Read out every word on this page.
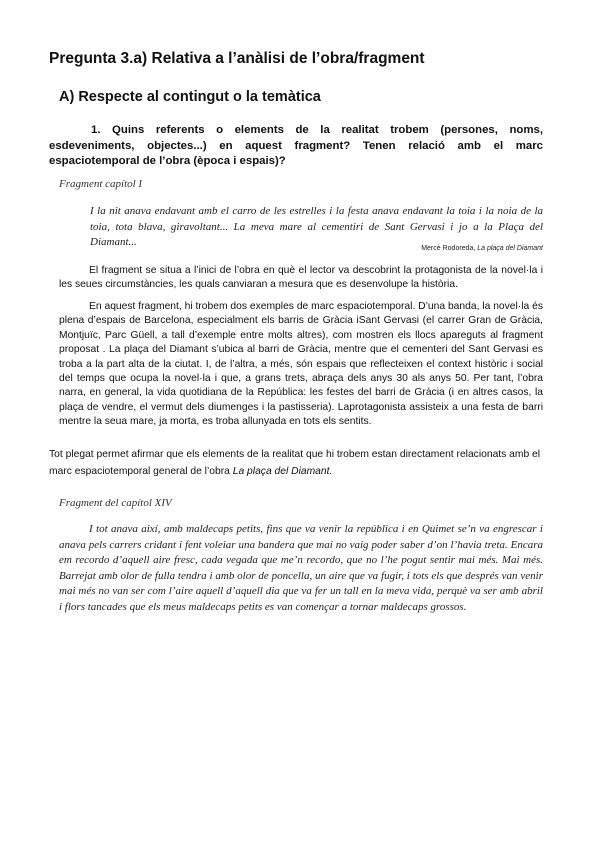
Pregunta 3.a) Relativa a l’anàlisi de l’obra/fragment
A) Respecte al contingut o la temàtica
1. Quins referents o elements de la realitat trobem (persones, noms, esdeveniments, objectes...) en aquest fragment? Tenen relació amb el marc espaciotemporal de l’obra (època i espais)?
Fragment capítol I
I la nit anava endavant amb el carro de les estrelles i la festa anava endavant la toia i la noia de la toia, tota blava, giravoltant... La meva mare al cementiri de Sant Gervasi i jo a la Plaça del Diamant...
Mercè Rodoreda, La plaça del Diamant
El fragment se situa a l’inici de l’obra en què el lector va descobrint la protagonista de la novel·la i les seues circumstàncies, les quals canviaran a mesura que es desenvolupe la història.
En aquest fragment, hi trobem dos exemples de marc espaciotemporal. D’una banda, la novel·la és plena d’espais de Barcelona, especialment els barris de Gràcia iSant Gervasi (el carrer Gran de Gràcia, Montjuïc, Parc Güell, a tall d’exemple entre molts altres), com mostren els llocs apareguts al fragment proposat . La plaça del Diamant s’ubica al barri de Gràcia, mentre que el cementeri del Sant Gervasi es troba a la part alta de la ciutat. I, de l’altra, a més, són espais que reflecteixen el context històric i social del temps que ocupa la novel·la i que, a grans trets, abraça dels anys 30 als anys 50. Per tant, l’obra narra, en general, la vida quotidiana de la República: les festes del barri de Gràcia (i en altres casos, la plaça de vendre, el vermut dels diumenges i la pastisseria). Laprotagonista assisteix a una festa de barri mentre la seua mare, ja morta, es troba allunyada en tots els sentits.
Tot plegat permet afirmar que els elements de la realitat que hi trobem estan directament relacionats amb el marc espaciotemporal general de l’obra La plaça del Diamant.
Fragment del capítol XIV
I tot anava així, amb maldecaps petits, fins que va venir la república i en Quimet se’n va engrescar i anava pels carrers cridant i fent voleiar una bandera que mai no vaig poder saber d’on l’havia treta. Encara em recordo d’aquell aire fresc, cada vegada que me’n recordo, que no l’he pogut sentir mai més. Mai més. Barrejat amb olor de fulla tendra i amb olor de poncella, un aire que va fugir, i tots els que després van venir mai més no van ser com l’aire aquell d’aquell dia que va fer un tall en la meva vida, perquè va ser amb abril i flors tancades que els meus maldecaps petits es van començar a tornar maldecaps grossos.
